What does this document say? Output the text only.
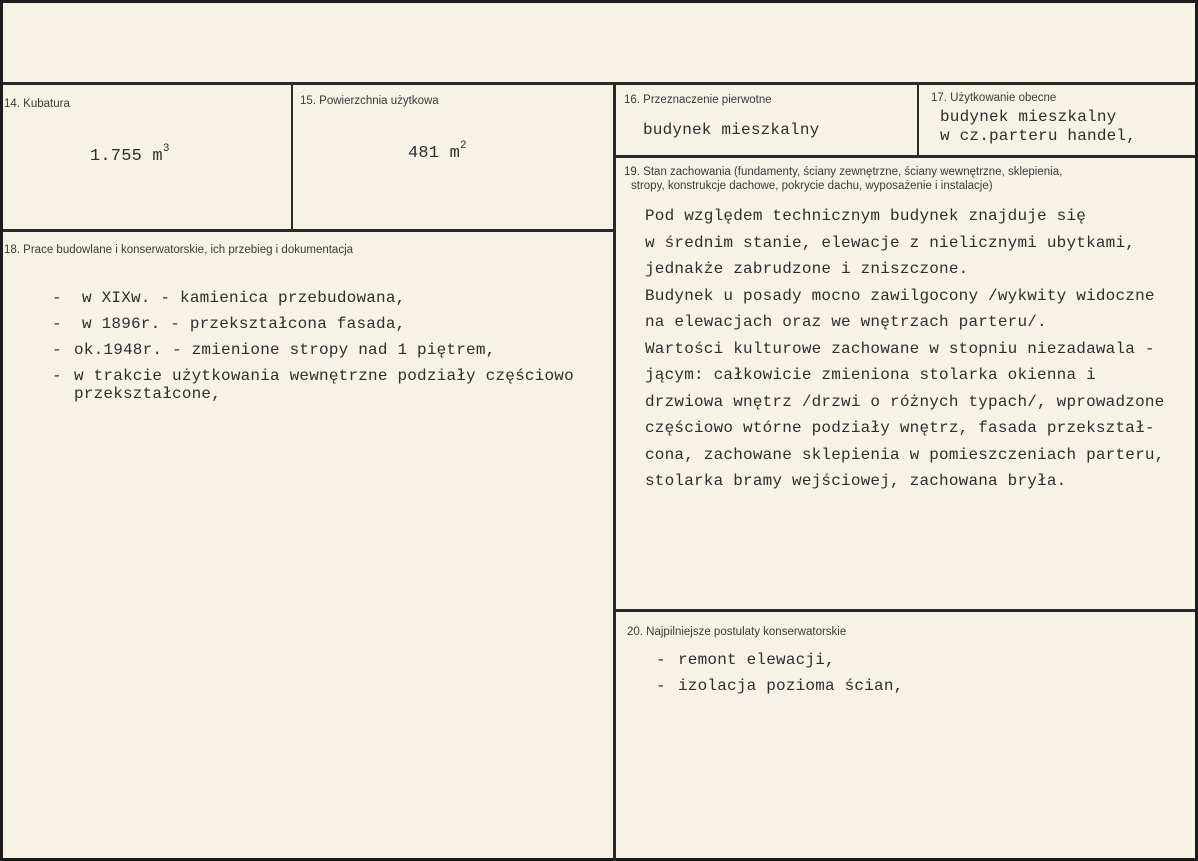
14. Kubatura
1.755 $m^3$
15. Powierzchnia użytkowa
481 $m^2$
16. Przeznaczenie pierwotne
budynek mieszkalny
17. Użytkowanie obecne
budynek mieszkalny
w cz.parteru handel,
18. Prace budowlane i konserwatorskie, ich przebieg i dokumentacja
-	w XIXw. - kamienica przebudowana,
-	w 1896r. - przekształcona fasada,
- ok.1948r. - zmienione stropy nad 1 piętrem,
- w trakcie użytkowania wewnętrzne podziały częściowo
przekształcone,
19. Stan zachowania (fundamenty, ściany zewnętrzne, ściany wewnętrzne, sklepienia,
stropy, konstrukcje dachowe, pokrycie dachu, wyposażenie i instalacje)
Pod względem technicznym budynek znajduje się
w średnim stanie, elewacje z nielicznymi ubytkami,
jednakże zabrudzone i zniszczone.
Budynek u posady mocno zawilgocony /wykwity widoczne
na elewacjach oraz we wnętrzach parteru/.
Wartości kulturowe zachowane w stopniu niezadawala -
jącym: całkowicie zmieniona stolarka okienna i
drzwiowa wnętrz /drzwi o różnych typach/, wprowadzone
częściowo wtórne podziały wnętrz, fasada przekształ-
cona, zachowane sklepienia w pomieszczeniach parteru,
stolarka bramy wejściowej, zachowana bryła.
20. Najpilniejsze postulaty konserwatorskie
- remont elewacji,
- izolacja pozioma ścian,
